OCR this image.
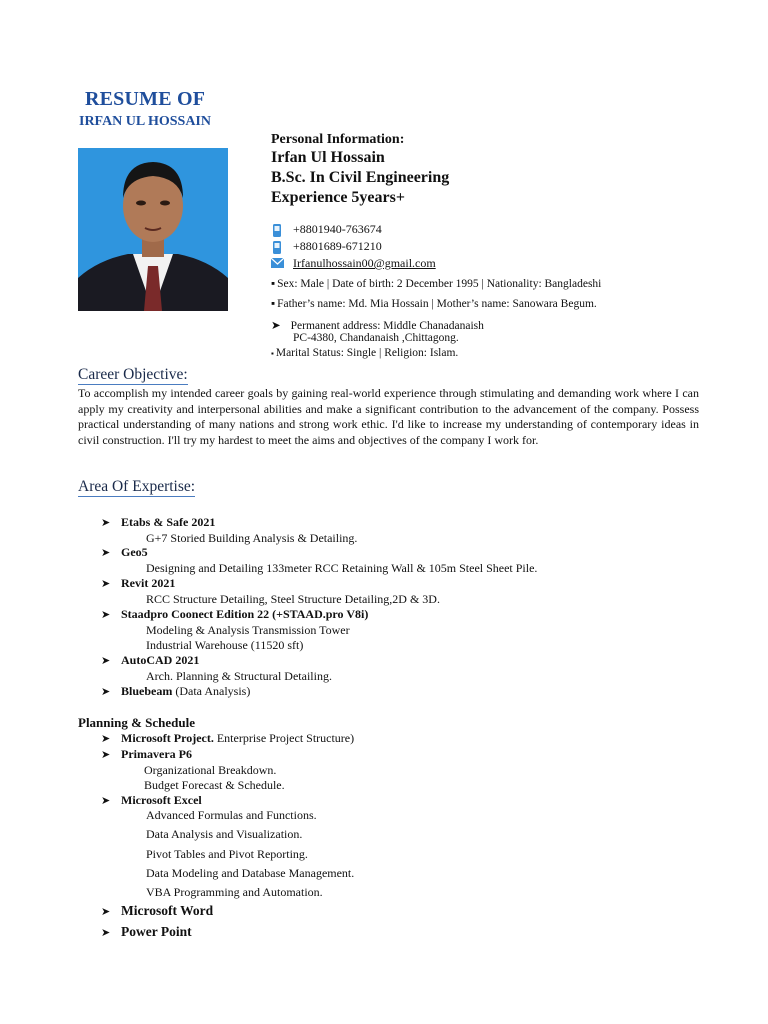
RESUME OF
IRFAN UL HOSSAIN
Personal Information:
Irfan Ul Hossain
B.Sc. In Civil Engineering
Experience 5years+
+8801940-763674
+8801689-671210
Irfanulhossain00@gmail.com
▪ Sex: Male | Date of birth: 2 December 1995 | Nationality: Bangladeshi
▪ Father’s name: Md. Mia Hossain | Mother’s name: Sanowara Begum.
➤ Permanent address: Middle Chanadanaish
PC-4380, Chandanaish ,Chittagong.
▪ Marital Status: Single | Religion: Islam.
Career Objective:
To accomplish my intended career goals by gaining real-world experience through stimulating and demanding work where I can apply my creativity and interpersonal abilities and make a significant contribution to the advancement of the company. Possess practical understanding of many nations and strong work ethic. I'd like to increase my understanding of contemporary ideas in civil construction. I'll try my hardest to meet the aims and objectives of the company I work for.
Area Of Expertise:
➤ Etabs & Safe 2021
G+7 Storied Building Analysis & Detailing.
➤ Geo5
Designing and Detailing 133meter RCC Retaining Wall & 105m Steel Sheet Pile.
➤ Revit 2021
RCC Structure Detailing, Steel Structure Detailing,2D & 3D.
➤ Staadpro Coonect Edition 22 (+STAAD.pro V8i)
Modeling & Analysis Transmission Tower
Industrial Warehouse (11520 sft)
➤ AutoCAD 2021
Arch. Planning & Structural Detailing.
➤ Bluebeam (Data Analysis)
Planning & Schedule
➤ Microsoft Project. Enterprise Project Structure)
➤ Primavera P6
Organizational Breakdown.
Budget Forecast & Schedule.
➤ Microsoft Excel
Advanced Formulas and Functions.
Data Analysis and Visualization.
Pivot Tables and Pivot Reporting.
Data Modeling and Database Management.
VBA Programming and Automation.
➤ Microsoft Word
➤ Power Point
